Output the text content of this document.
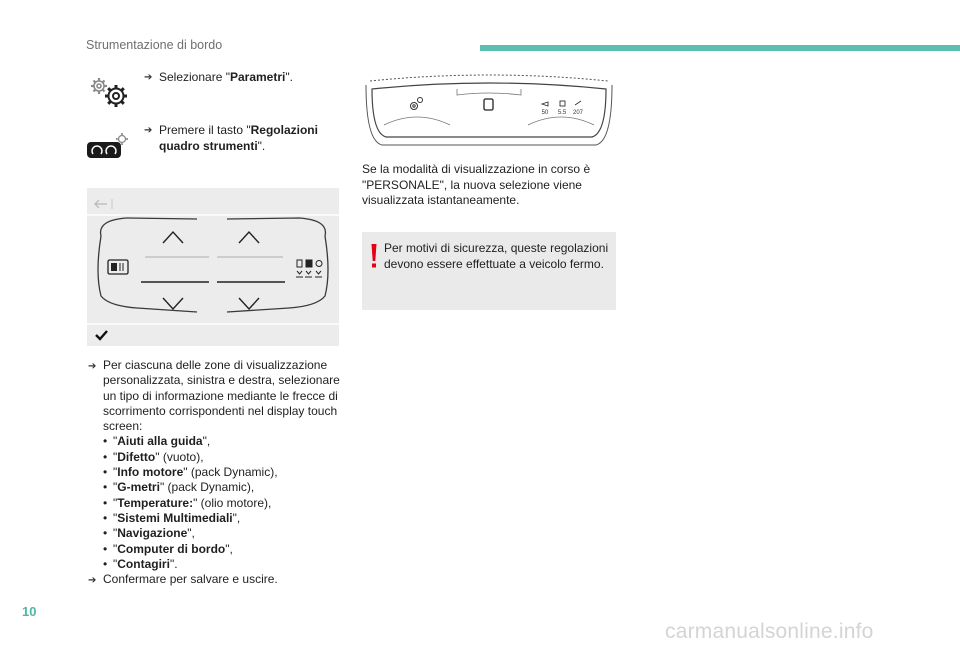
Strumentazione di bordo
➔ Selezionare "Parametri".
➔ Premere il tasto "Regolazioni quadro strumenti".
50 5.5 207
Se la modalità di visualizzazione in corso è "PERSONALE", la nuova selezione viene visualizzata istantaneamente.
Per motivi di sicurezza, queste regolazioni devono essere effettuate a veicolo fermo.
➔ Per ciascuna delle zone di visualizzazione personalizzata, sinistra e destra, selezionare un tipo di informazione mediante le frecce di scorrimento corrispondenti nel display touch screen:
• "Aiuti alla guida",
• "Difetto" (vuoto),
• "Info motore" (pack Dynamic),
• "G-metri" (pack Dynamic),
• "Temperature:" (olio motore),
• "Sistemi Multimediali",
• "Navigazione",
• "Computer di bordo",
• "Contagiri".
➔ Confermare per salvare e uscire.
10
carmanualsonline.info
